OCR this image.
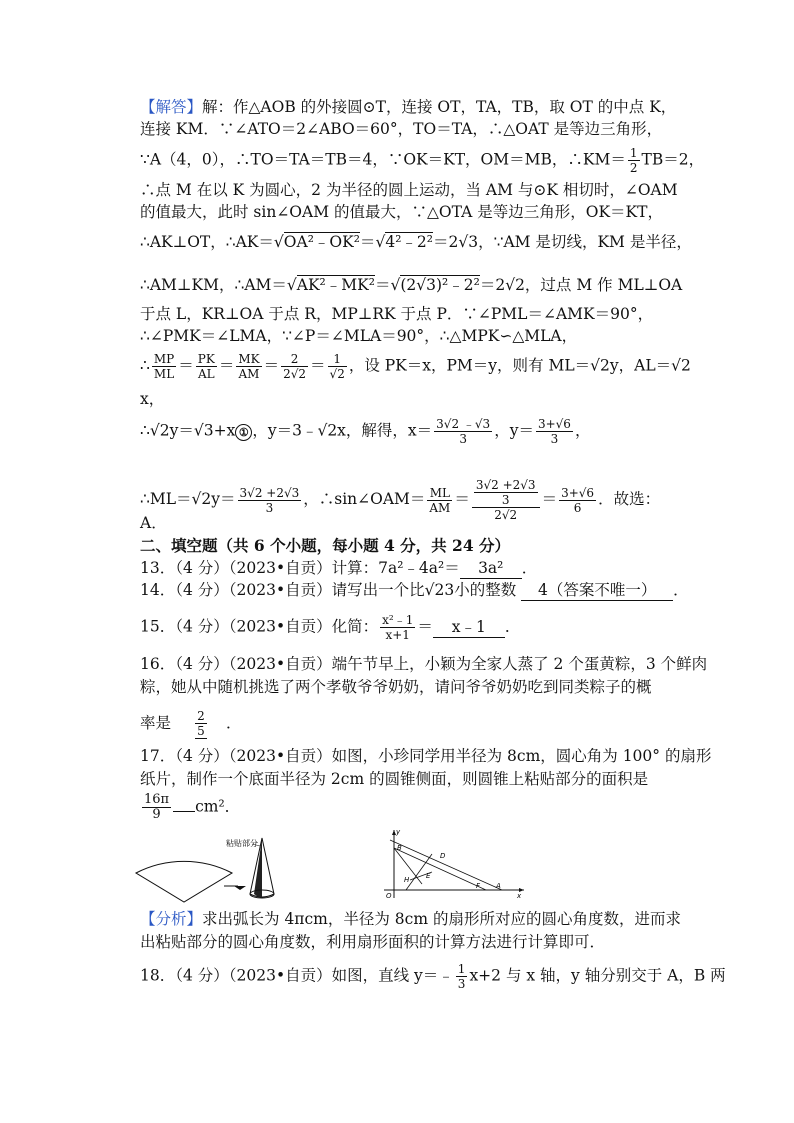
【解答】解：作△AOB 的外接圆⊙T，连接 OT，TA，TB，取 OT 的中点 K，
连接 KM．∵∠ATO＝2∠ABO＝60°，TO＝TA，∴△OAT 是等边三角形，
∵A（4，0），∴TO＝TA＝TB＝4，∵OK＝KT，OM＝MB，∴KM＝ $\frac{1}{2} TB=2$，
∴点 M 在以 K 为圆心，2 为半径的圆上运动，当 AM 与⊙K 相切时，∠OAM
的值最大，此时 sin∠OAM 的值最大，∵△OTA 是等边三角形，OK＝KT，
∴AK⊥OT，∴AK＝√OA²﹣OK²＝√4²﹣2²＝2√3，∵AM 是切线，KM 是半径，
∴AM⊥KM，∴AM＝√AK²﹣MK²＝√(2√3)²﹣2²＝2√2，过点 M 作 ML⊥OA
于点 L，KR⊥OA 于点 R，MP⊥RK 于点 P．∵∠PML＝∠AMK＝90°，
∴∠PMK＝∠LMA，∵∠P＝∠MLA＝90°，∴△MPK∽△MLA，
∴ $\frac{MP}{ML} = \frac{PK}{AL} = \frac{MK}{AM} = \frac{2}{2√2} = \frac{1}{√2}$ ，设 PK＝x，PM＝y，则有 ML＝√2y，AL＝√2
x，
∴√2y＝√3+x ① ，y＝3﹣√2x，解得，$x= \frac{3√2 ﹣√3}{3}$ ，$y= \frac{3+√6}{3}$ ，
∴ML＝√2y＝ $\frac{3√2 +2√3}{3}$ ，∴sin∠OAM＝ $\frac{ML}{AM} = \frac{\frac{3√2 +2√3}{3}}{2√2} = \frac{3+√6}{6}$ ．故选：
A．
二、填空题（共 6 个小题，每小题 4 分，共 24 分）
13．（4 分）（2023•自贡）计算：7a²﹣4a²＝ 3a² ．
14．（4 分）（2023•自贡）请写出一个比√23小的整数 4（答案不唯一） ．
15．（4 分）（2023•自贡）化简： $\frac{\text{x²﹣1}}{x+1}$ ＝ x﹣1 ．
16．（4 分）（2023•自贡）端午节早上，小颖为全家人蒸了 2 个蛋黄粽，3 个鲜肉
粽，她从中随机挑选了两个孝敬爷爷奶奶，请问爷爷奶奶吃到同类粽子的概
率是 $\frac{2}{5}$ ．
17．（4 分）（2023•自贡）如图，小珍同学用半径为 8cm，圆心角为 100° 的扇形
纸片，制作一个底面半径为 2cm 的圆锥侧面，则圆锥上粘贴部分的面积是
$\frac{16\pi}{9} cm^2$．
粘贴部分
y
B
D
H E
F A
O	x
【分析】求出弧长为 4πcm，半径为 8cm 的扇形所对应的圆心角度数，进而求
出粘贴部分的圆心角度数，利用扇形面积的计算方法进行计算即可．
18．（4 分）（2023•自贡）如图，直线 y＝﹣ $\frac{1}{3} x+2$ 与 x 轴，y 轴分别交于 A，B 两
